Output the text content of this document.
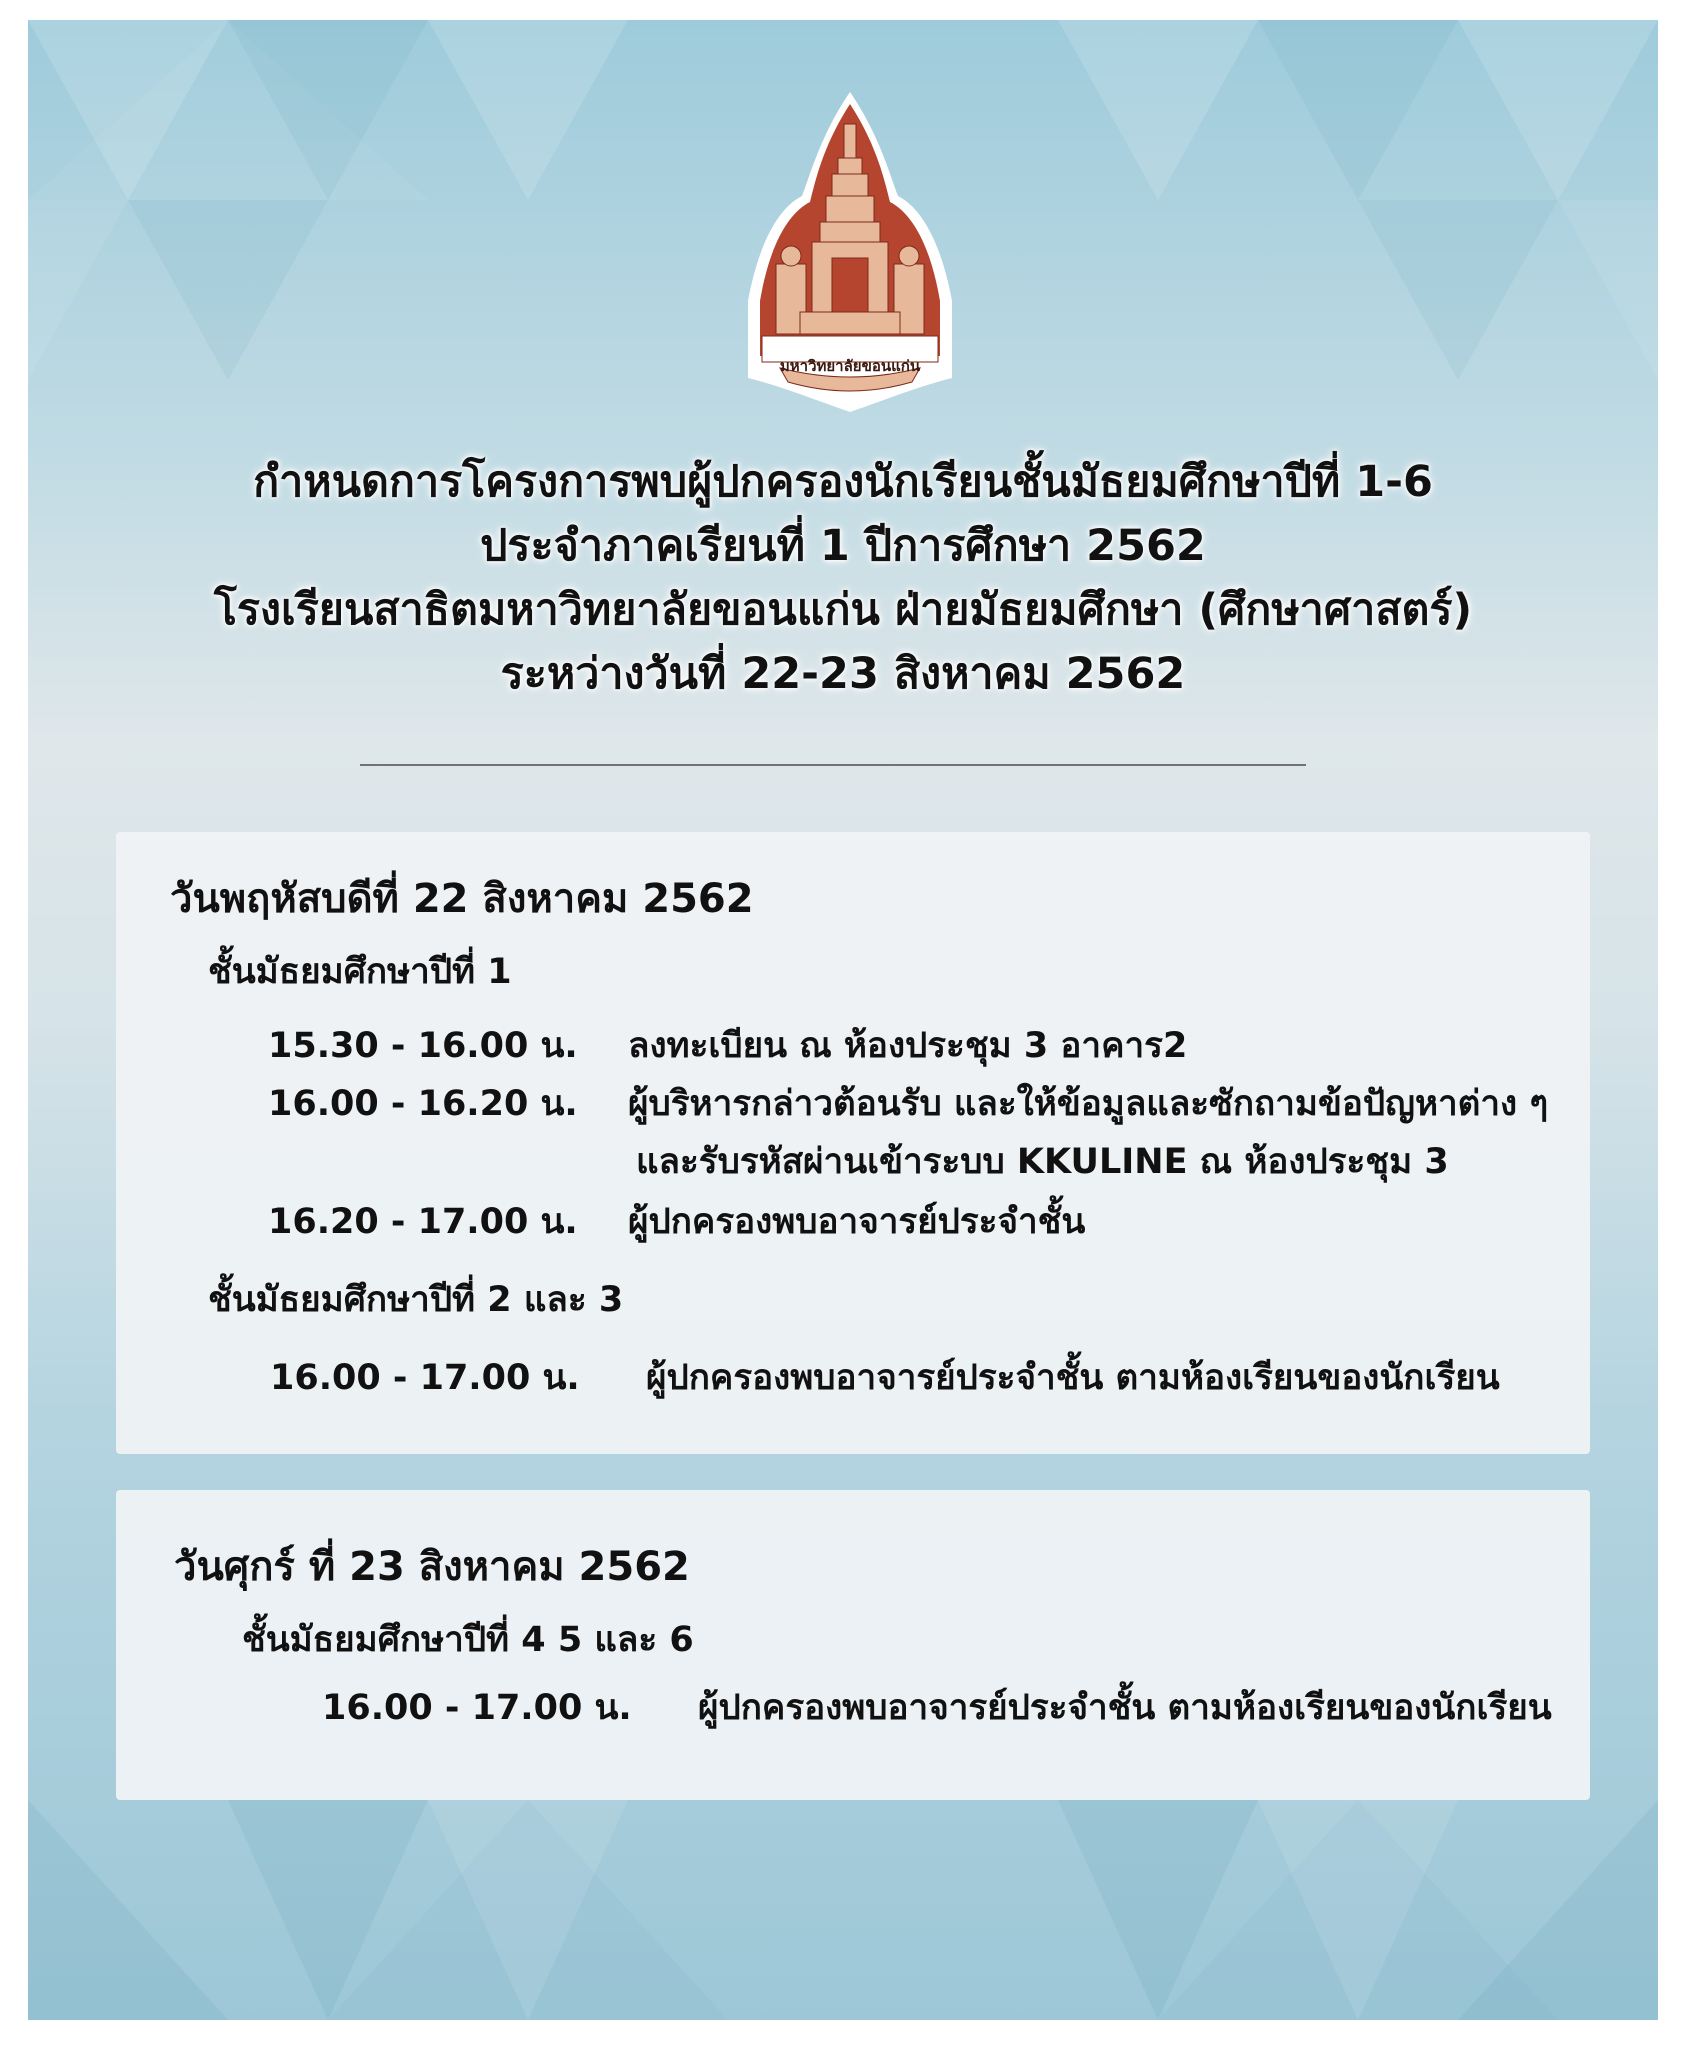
มหาวิทยาลัยขอนแก่น
กำหนดการโครงการพบผู้ปกครองนักเรียนชั้นมัธยมศึกษาปีที่ 1-6
ประจำภาคเรียนที่ 1 ปีการศึกษา 2562
โรงเรียนสาธิตมหาวิทยาลัยขอนแก่น ฝ่ายมัธยมศึกษา (ศึกษาศาสตร์)
ระหว่างวันที่ 22-23 สิงหาคม 2562
วันพฤหัสบดีที่ 22 สิงหาคม 2562
ชั้นมัธยมศึกษาปีที่ 1
15.30 - 16.00 น. ลงทะเบียน ณ ห้องประชุม 3 อาคาร2
16.00 - 16.20 น. ผู้บริหารกล่าวต้อนรับ และให้ข้อมูลและซักถามข้อปัญหาต่าง ๆ
และรับรหัสผ่านเข้าระบบ KKULINE ณ ห้องประชุม 3
16.20 - 17.00 น. ผู้ปกครองพบอาจารย์ประจำชั้น
ชั้นมัธยมศึกษาปีที่ 2 และ 3
16.00 - 17.00 น. ผู้ปกครองพบอาจารย์ประจำชั้น ตามห้องเรียนของนักเรียน
วันศุกร์ ที่ 23 สิงหาคม 2562
ชั้นมัธยมศึกษาปีที่ 4 5 และ 6
16.00 - 17.00 น. ผู้ปกครองพบอาจารย์ประจำชั้น ตามห้องเรียนของนักเรียน
